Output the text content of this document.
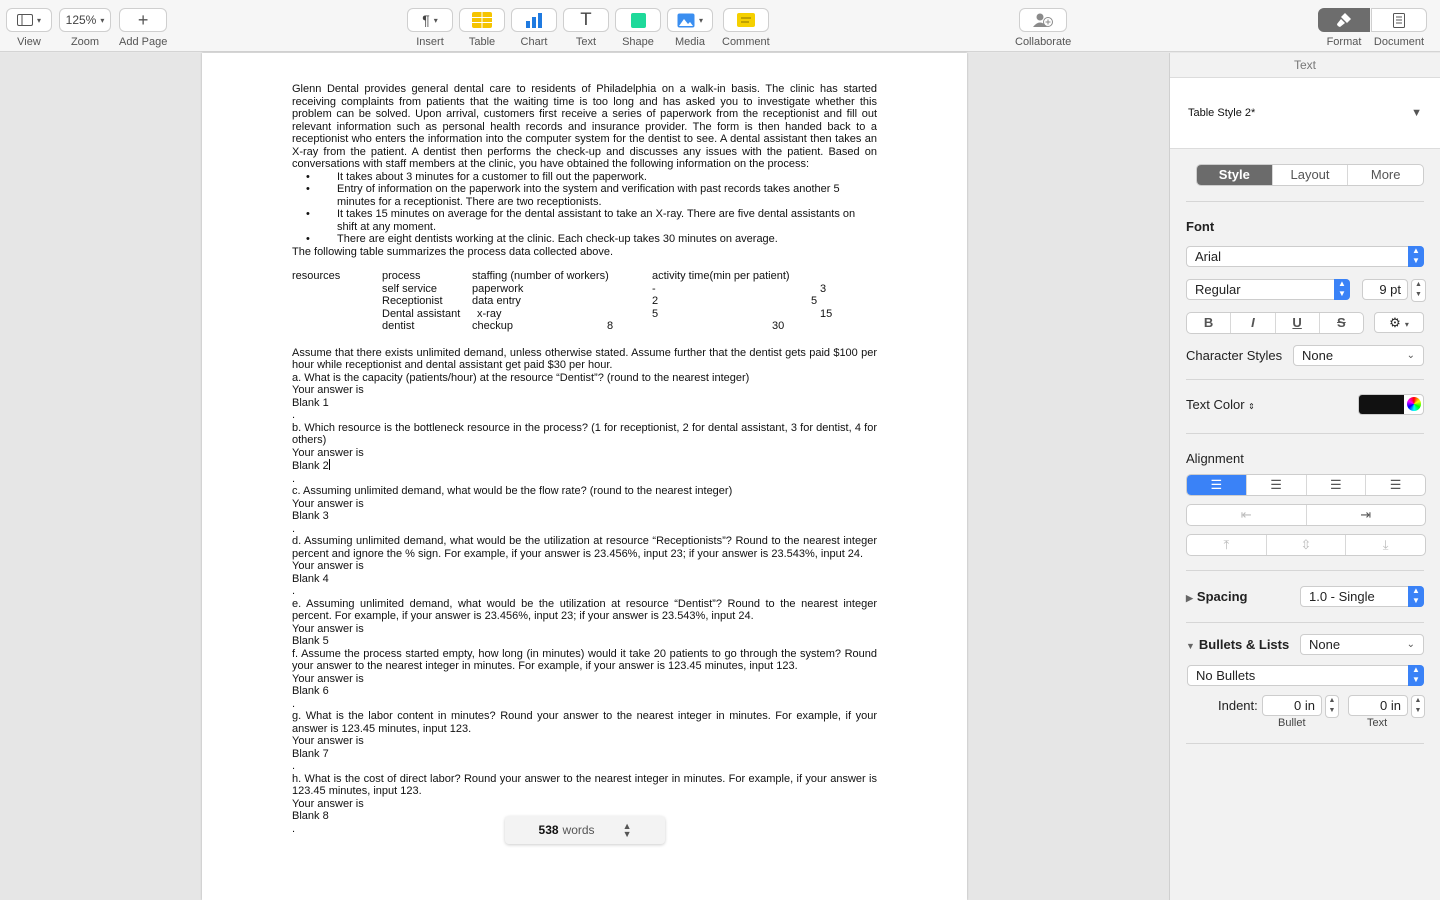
▾
View
125% ▾
Zoom
+
Add Page
¶ ▾
Insert Table Chart
T
Text Shape
▾
Media Comment	Collaborate	Format Document

Glenn Dental provides general dental care to residents of Philadelphia on a walk-in basis. The clinic has started receiving complaints from patients that the waiting time is too long and has asked you to investigate whether this problem can be solved. Upon arrival, customers first receive a series of paperwork from the receptionist and fill out relevant information such as personal health records and insurance provider. The form is then handed back to a receptionist who enters the information into the computer system for the dentist to see. A dental assistant then takes an X-ray from the patient. A dentist then performs the check-up and discusses any issues with the patient. Based on conversations with staff members at the clinic, you have obtained the following information on the process:

•	It takes about 3 minutes for a customer to fill out the paperwork.
•	Entry of information on the paperwork into the system and verification with past records takes another 5 minutes for a receptionist. There are two receptionists.
•	It takes 15 minutes on average for the dental assistant to take an X-ray. There are five dental assistants on shift at any moment.
•	There are eight dentists working at the clinic. Each check-up takes 30 minutes on average.

The following table summarizes the process data collected above.

resources	process	staffing (number of workers)	activity time(min per patient)
self service	paperwork	-	3
Receptionist	data entry	2	5
Dental assistant x-ray	5	15
dentist	checkup	8	30

Assume that there exists unlimited demand, unless otherwise stated. Assume further that the dentist gets paid $100 per hour while receptionist and dental assistant get paid $30 per hour.

a. What is the capacity (patients/hour) at the resource “Dentist”? (round to the nearest integer)

Your answer is

Blank 1

.

b. Which resource is the bottleneck resource in the process? (1 for receptionist, 2 for dental assistant, 3 for dentist, 4 for others)

Your answer is

Blank 2

.

c. Assuming unlimited demand, what would be the flow rate? (round to the nearest integer)

Your answer is

Blank 3

.

d. Assuming unlimited demand, what would be the utilization at resource “Receptionists”? Round to the nearest integer percent and ignore the % sign. For example, if your answer is 23.456%, input 23; if your answer is 23.543%, input 24.

Your answer is

Blank 4

.

e. Assuming unlimited demand, what would be the utilization at resource “Dentist”? Round to the nearest integer percent. For example, if your answer is 23.456%, input 23; if your answer is 23.543%, input 24.

Your answer is

Blank 5

f. Assume the process started empty, how long (in minutes) would it take 20 patients to go through the system? Round your answer to the nearest integer in minutes. For example, if your answer is 123.45 minutes, input 123.

Your answer is

Blank 6

.

g. What is the labor content in minutes? Round your answer to the nearest integer in minutes. For example, if your answer is 123.45 minutes, input 123.

Your answer is

Blank 7

.

h. What is the cost of direct labor? Round your answer to the nearest integer in minutes. For example, if your answer is 123.45 minutes, input 123.

Your answer is

Blank 8

.	538 words	▲
▼
Text
Table Style 2*	▼
Style	Layout	More
Font
Arial	▲
▼
Regular	▲
▼	9 pt	▲
▼
B	I	U	S	⚙ ▾
Character Styles	None	⌄
Text Color ⇕
Alignment
☰	☰	☰	☰
⇤	⇥
⤒	⇳	⤓
▶ Spacing	1.0 - Single	▲
▼
▼ Bullets & Lists	None	⌄
No Bullets	▲
▼
Indent:	0 in	▲
▼	0 in	▲
▼
Bullet	Text
